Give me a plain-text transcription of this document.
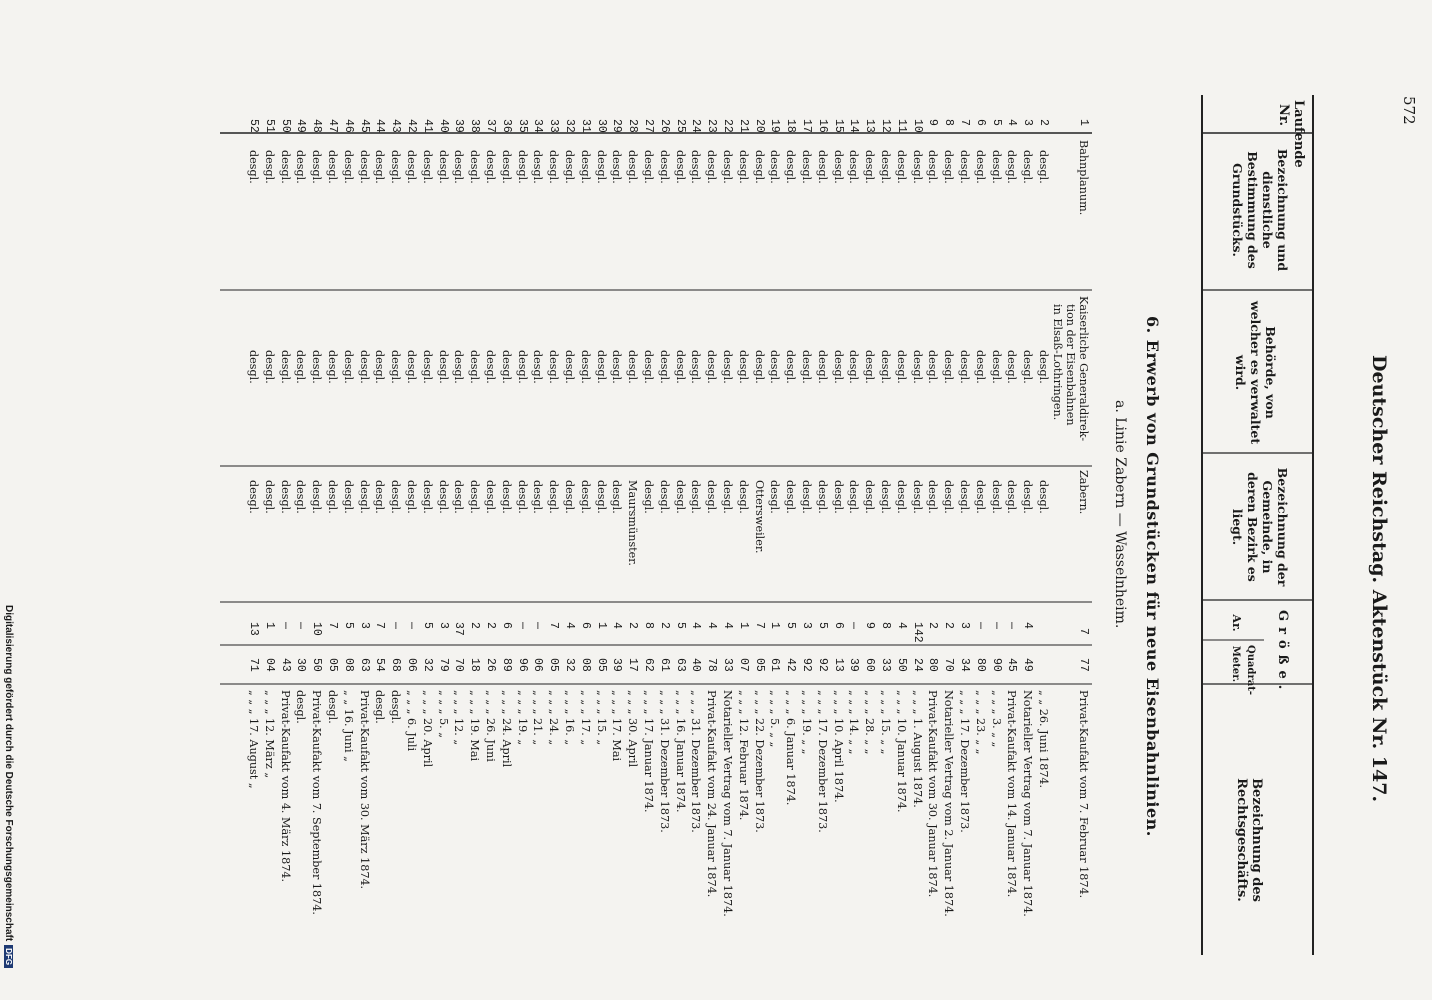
572
Deutscher Reichstag. Aktenstück Nr. 147.
Laufende Nr.
Bezeichnung und dienstliche Bestimmung des Grundstücks.
Behörde, von welcher es verwaltet wird.
Bezeichnung der Gemeinde, in deren Bezirk es liegt.
Größe.
Ar.
Quadrat- Meter.
Bezeichnung des Rechtsgeschäfts.
6. Erwerb von Grundstücken für neue Eisenbahnlinien.
a. Linie Zabern — Wasselnheim.
1
Bahnplanum.
Kaiserliche Generaldirek-
tion der Eisenbahnen
in Elsaß-Lothringen.
Zabern.
7
77
Privat-Kaufakt vom 7. Februar 1874.
2
desgl.
desgl.
desgl.
„ „ 26. Juni 1874.
3
desgl.
desgl.
desgl.
4
49
Notarieller Vertrag vom 7. Januar 1874.
4
desgl.
desgl.
desgl.
—
45
Privat-Kaufakt vom 14. Januar 1874.
5
desgl.
desgl.
desgl.
—
90
„ „ „ 3. „ „
6
desgl.
desgl.
desgl.
—
80
„ „ „ 23. „ „
7
desgl.
desgl.
desgl.
3
34
„ „ „ 17. Dezember 1873.
8
desgl.
desgl.
desgl.
2
70
Notarieller Vertrag vom 2. Januar 1874.
9
desgl.
desgl.
desgl.
2
80
Privat-Kaufakt vom 30. Januar 1874.
10
desgl.
desgl.
desgl.
142
24
„ „ „ 1. August 1874.
11
desgl.
desgl.
desgl.
4
50
„ „ „ 10. Januar 1874.
12
desgl.
desgl.
desgl.
8
33
„ „ „ 15. „ „
13
desgl.
desgl.
desgl.
9
60
„ „ „ 28. „ „
14
desgl.
desgl.
desgl.
—
39
„ „ „ 14. „ „
15
desgl.
desgl.
desgl.
6
13
„ „ „ 10. April 1874.
16
desgl.
desgl.
desgl.
5
92
„ „ „ 17. Dezember 1873.
17
desgl.
desgl.
desgl.
3
92
„ „ „ 19. „ „
18
desgl.
desgl.
desgl.
5
42
„ „ „ 6. Januar 1874.
19
desgl.
desgl.
desgl.
1
61
„ „ „ 5. „ „
20
desgl.
desgl.
Ottersweiler.
7
05
„ „ „ 22. Dezember 1873.
21
desgl.
desgl.
desgl.
1
07
„ „ „ 12. Februar 1874.
22
desgl.
desgl.
desgl.
4
33
Notarieller Vertrag vom 7. Januar 1874.
23
desgl.
desgl.
desgl.
4
78
Privat-Kaufakt vom 24. Januar 1874.
24
desgl.
desgl.
desgl.
4
40
„ „ „ 31. Dezember 1873.
25
desgl.
desgl.
desgl.
5
63
„ „ „ 16. Januar 1874.
26
desgl.
desgl.
desgl.
2
61
„ „ „ 31. Dezember 1873.
27
desgl.
desgl.
desgl.
8
62
„ „ „ 17. Januar 1874.
28
desgl.
desgl.
Maursmünster.
2
17
„ „ „ 30. April
29
desgl.
desgl.
desgl.
4
39
„ „ „ 17. Mai
30
desgl.
desgl.
desgl.
1
05
„ „ „ 15. „
31
desgl.
desgl.
desgl.
6
08
„ „ „ 17. „
32
desgl.
desgl.
desgl.
4
32
„ „ „ 16. „
33
desgl.
desgl.
desgl.
7
05
„ „ „ 24. „
34
desgl.
desgl.
desgl.
—
06
„ „ „ 21. „
35
desgl.
desgl.
desgl.
—
96
„ „ „ 19. „
36
desgl.
desgl.
desgl.
6
89
„ „ „ 24. April
37
desgl.
desgl.
desgl.
2
26
„ „ „ 26. Juni
38
desgl.
desgl.
desgl.
2
18
„ „ „ 19. Mai
39
desgl.
desgl.
desgl.
37
70
„ „ „ 12. „
40
desgl.
desgl.
desgl.
3
79
„ „ „ 5. „
41
desgl.
desgl.
desgl.
5
32
„ „ „ 20. April
42
desgl.
desgl.
desgl.
—
06
„ „ „ 6. Juli
43
desgl.
desgl.
desgl.
—
68
desgl.
44
desgl.
desgl.
desgl.
7
54
desgl.
45
desgl.
desgl.
desgl.
3
63
Privat-Kaufakt vom 30. März 1874.
46
desgl.
desgl.
desgl.
5
08
„ „ 16. Juni „
47
desgl.
desgl.
desgl.
7
05
desgl.
48
desgl.
desgl.
desgl.
10
50
Privat-Kaufakt vom 7. September 1874.
49
desgl.
desgl.
desgl.
—
30
desgl.
50
desgl.
desgl.
desgl.
—
43
Privat-Kaufakt vom 4. März 1874.
51
desgl.
desgl.
desgl.
1
04
„ „ „ 12. März „
52
desgl.
desgl.
desgl.
13
71
„ „ „ 17. August „
Digitalisierung gefördert durch die Deutsche ForschungsgemeinschaftDFG
